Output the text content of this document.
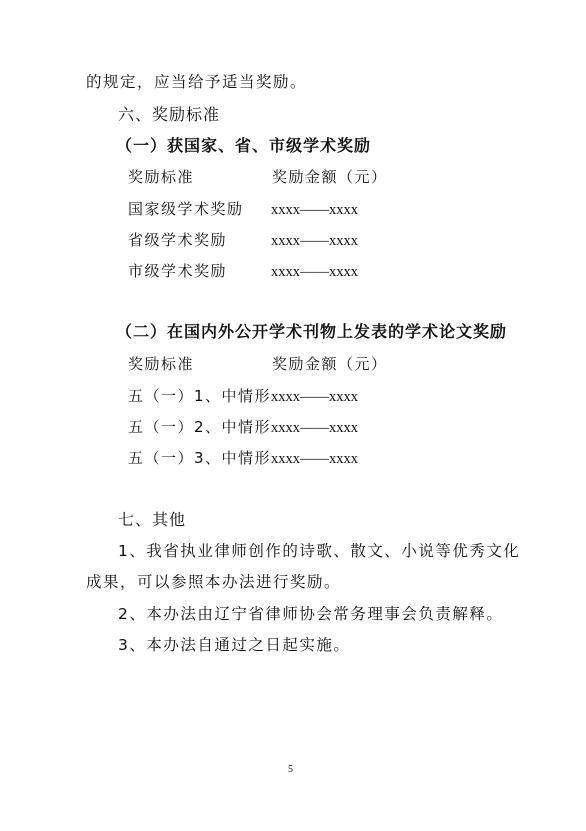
的规定，应当给予适当奖励。
六、奖励标准
（一）获国家、省、市级学术奖励
奖励标准	奖励金额（元）
国家级学术奖励 xxxx——xxxx
省级学术奖励	xxxx——xxxx
市级学术奖励	xxxx——xxxx
（二）在国内外公开学术刊物上发表的学术论文奖励
奖励标准	奖励金额（元）
五（一）1、中情形 xxxx——xxxx
五（一）2、中情形 xxxx——xxxx
五（一）3、中情形 xxxx——xxxx
七、其他
1、我省执业律师创作的诗歌、散文、小说等优秀文化
成果，可以参照本办法进行奖励。
2、本办法由辽宁省律师协会常务理事会负责解释。
3、本办法自通过之日起实施。
5
